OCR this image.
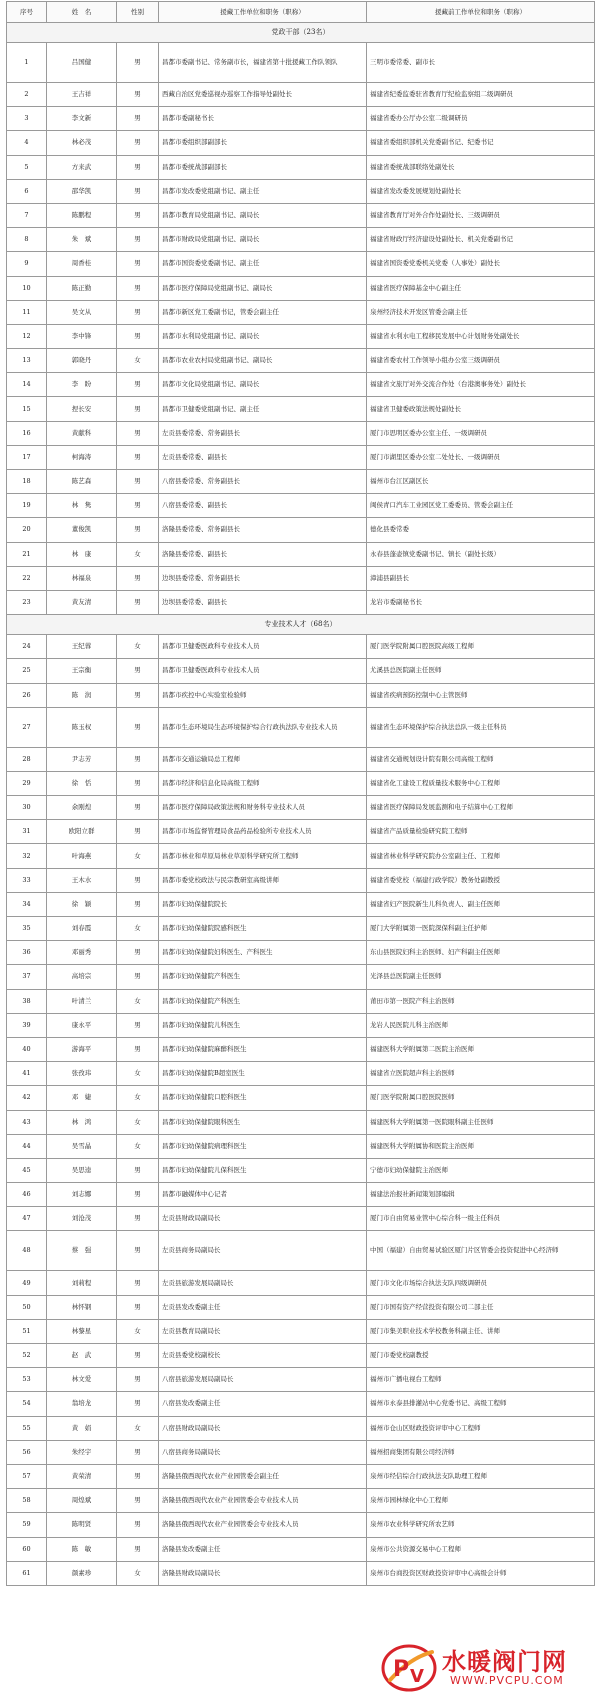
序号	姓　名	性别	援藏工作单位和职务（职称）	援藏前工作单位和职务（职称）
党政干部（23名）				
1	吕国健	男	昌都市委副书记、常务副市长，福建省第十批援藏工作队领队	三明市委常委、副市长
2	王吉祥	男	西藏自治区党委巡视办巡察工作指导处副处长	福建省纪委监委驻省教育厅纪检监察组二级调研员
3	李文新	男	昌都市委副秘书长	福建省委办公厅办公室二级调研员
4	林必茂	男	昌都市委组织部副部长	福建省委组织部机关党委副书记、纪委书记
5	方来武	男	昌都市委统战部副部长	福建省委统战部联络处副处长
6	邵华凯	男	昌都市发改委党组副书记、副主任	福建省发改委发展规划处副处长
7	陈鹏程	男	昌都市教育局党组副书记、副局长	福建省教育厅对外合作处副处长、三级调研员
8	朱　斌	男	昌都市财政局党组副书记、副局长	福建省财政厅经济建设处副处长、机关党委副书记
9	周香桂	男	昌都市国资委党委副书记、副主任	福建省国资委党委机关党委（人事处）副处长
10	陈正勤	男	昌都市医疗保障局党组副书记、副局长	福建省医疗保障基金中心副主任
11	吴文从	男	昌都市新区党工委副书记，管委会副主任	泉州经济技术开发区管委会副主任
12	李中锋	男	昌都市水利局党组副书记、副局长	福建省水利水电工程移民发展中心计划财务处副处长
13	郭晓丹	女	昌都市农业农村局党组副书记、副局长	福建省委农村工作领导小组办公室三级调研员
14	李　盼	男	昌都市文化局党组副书记、副局长	福建省文旅厅对外交流合作处（台港澳事务处）副处长
15	捏长安	男	昌都市卫健委党组副书记、副主任	福建省卫健委政策法规处副处长
16	黄献科	男	左贡县委常委、常务副县长	厦门市思明区委办公室主任、一级调研员
17	柯海涛	男	左贡县委常委、副县长	厦门市湖里区委办公室二处处长、一级调研员
18	陈艺森	男	八宿县委常委、常务副县长	福州市台江区副区长
19	林　隽	男	八宿县委常委、副县长	闽侯青口汽车工业园区党工委委员、管委会副主任
20	董俊凯	男	洛隆县委常委、常务副县长	德化县委常委
21	林　康	女	洛隆县委常委、副县长	永春县蓬壶镇党委副书记、镇长（副处长级）
22	林福泉	男	边坝县委常委、常务副县长	漳浦县副县长
23	黄友清	男	边坝县委常委、副县长	龙岩市委副秘书长
专业技术人才（68名）				
24	王纪蓉	女	昌都市卫健委医政科专业技术人员	厦门医学院附属口腔医院高级工程师
25	王宗衡	男	昌都市卫健委医政科专业技术人员	尤溪县总医院副主任医师
26	陈　润	男	昌都市疾控中心实验室检验师	福建省疾病预防控制中心主管医师
27	陈玉权	男	昌都市生态环境局生态环境保护综合行政执法队专业技术人员	福建省生态环境保护综合执法总队一级主任科员
28	尹志芳	男	昌都市交通运输局总工程师	福建省交通规划设计院有限公司高级工程师
29	徐　恬	男	昌都市经济和信息化局高级工程师	福建省化工建设工程质量技术服务中心工程师
30	余刚煌	男	昌都市医疗保障局政策法规和财务科专业技术人员	福建省医疗保障局发展监测和电子结算中心工程师
31	欧阳立群	男	昌都市市场监督管理局食品药品检验所专业技术人员	福建省产品质量检验研究院工程师
32	叶海燕	女	昌都市林业和草原局林业草原科学研究所工程师	福建省林业科学研究院办公室副主任、工程师
33	王木水	男	昌都市委党校政法与民宗教研室高级讲师	福建省委党校（福建行政学院）教务处副教授
34	徐　颖	男	昌都市妇幼保健院院长	福建省妇产医院新生儿科负责人、副主任医师
35	刘春霞	女	昌都市妇幼保健院院感科医生	厦门大学附属第一医院深保科副主任护师
36	邓丽秀	男	昌都市妇幼保健院妇科医生、产科医生	东山县医院妇科主治医师、妇产科副主任医师
37	高培宗	男	昌都市妇幼保健院产科医生	光泽县总医院副主任医师
38	叶清兰	女	昌都市妇幼保健院产科医生	莆田市第一医院产科主治医师
39	康永平	男	昌都市妇幼保健院儿科医生	龙岩人民医院儿科主治医师
40	游海平	男	昌都市妇幼保健院麻醉科医生	福建医科大学附属第二医院主治医师
41	张孜玮	女	昌都市妇幼保健院B超室医生	福建省立医院超声科主治医师
42	邓　婕	女	昌都市妇幼保健院口腔科医生	厦门医学院附属口腔医院医师
43	林　鸿	女	昌都市妇幼保健院眼科医生	福建医科大学附属第一医院眼科副主任医师
44	吴雪晶	女	昌都市妇幼保健院病理科医生	福建医科大学附属协和医院主治医师
45	吴思逵	男	昌都市妇幼保健院儿保科医生	宁德市妇幼保健院主治医师
46	刘志娜	男	昌都市融媒体中心记者	福建法治报社新闻策划部编辑
47	刘沧茂	男	左贡县财政局副局长	厦门市自由贸易业管中心综合科一级主任科员
48	蔡　强	男	左贡县商务局副局长	中国（福建）自由贸易试验区厦门片区管委会投资促进中心经济师
49	刘莉程	男	左贡县旅游发展局副局长	厦门市文化市场综合执法支队四级调研员
50	林怀钢	男	左贡县发改委副主任	厦门市国有资产经营投资有限公司二部主任
51	林黎星	女	左贡县教育局副局长	厦门市集美职业技术学校教务科副主任、讲师
52	赵　武	男	左贡县委党校副校长	厦门市委党校副教授
53	林文爱	男	八宿县旅游发展局副局长	福州市广播电视台工程师
54	翁培龙	男	八宿县发改委副主任	福州市永泰县排灌站中心党委书记、高级工程师
55	黄　娟	女	八宿县财政局副局长	福州市仓山区财政投资评审中心工程师
56	朱经宇	男	八宿县商务局副局长	福州招商集团有限公司经济师
57	黄荣清	男	洛隆县俄西现代农业产业园管委会副主任	泉州市经信综合行政执法支队助理工程师
58	周煌斌	男	洛隆县俄西现代农业产业园管委会专业技术人员	泉州市园林绿化中心工程师
59	陈明贤	男	洛隆县俄西现代农业产业园管委会专业技术人员	泉州市农业科学研究所农艺师
60	陈　敏	男	洛隆县发改委副主任	泉州市公共资源交易中心工程师
61	颜素珍	女	洛隆县财政局副局长	泉州市台商投资区财政投资评审中心高级会计师
P V
水暖阀门网
WWW.PVCPU.COM
